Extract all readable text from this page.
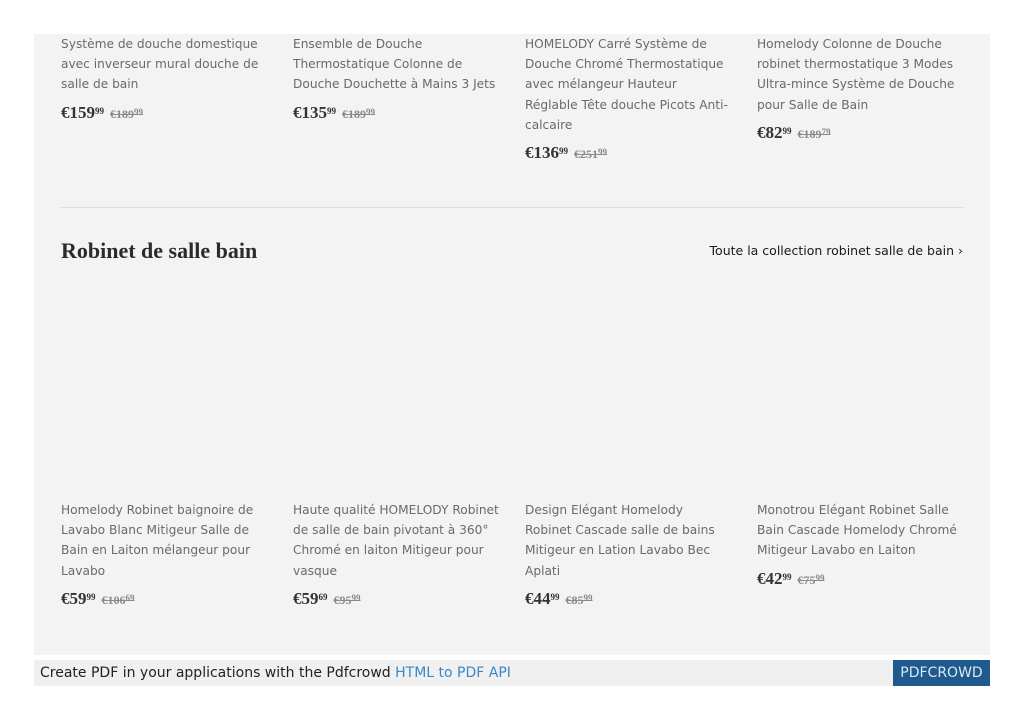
Système de douche domestique avec inverseur mural douche de salle de bain

$€159^{99}$ $€189^{99}$

Ensemble de Douche Thermostatique Colonne de Douche Douchette à Mains 3 Jets

$€135^{99}$ $€189^{99}$

HOMELODY Carré Système de Douche Chromé Thermostatique avec mélangeur Hauteur Réglable Tête douche Picots Anti-calcaire

$€136^{99}$ $€251^{99}$

Homelody Colonne de Douche robinet thermostatique 3 Modes Ultra-mince Système de Douche pour Salle de Bain

$€82^{99}$ $€189^{79}$
Robinet de salle bain	Toute la collection robinet salle de bain ›

Homelody Robinet baignoire de Lavabo Blanc Mitigeur Salle de Bain en Laiton mélangeur pour Lavabo

$€59^{99}$ $€106^{69}$

Haute qualité HOMELODY Robinet de salle de bain pivotant à 360° Chromé en laiton Mitigeur pour vasque

$€59^{69}$ $€95^{99}$

Design Elégant Homelody Robinet Cascade salle de bains Mitigeur en Lation Lavabo Bec Aplati

$€44^{99}$ $€85^{99}$

Monotrou Elégant Robinet Salle Bain Cascade Homelody Chromé Mitigeur Lavabo en Laiton

$€42^{99}$ $€75^{99}$
Create PDF in your applications with the Pdfcrowd HTML to PDF API	PDFCROWD
